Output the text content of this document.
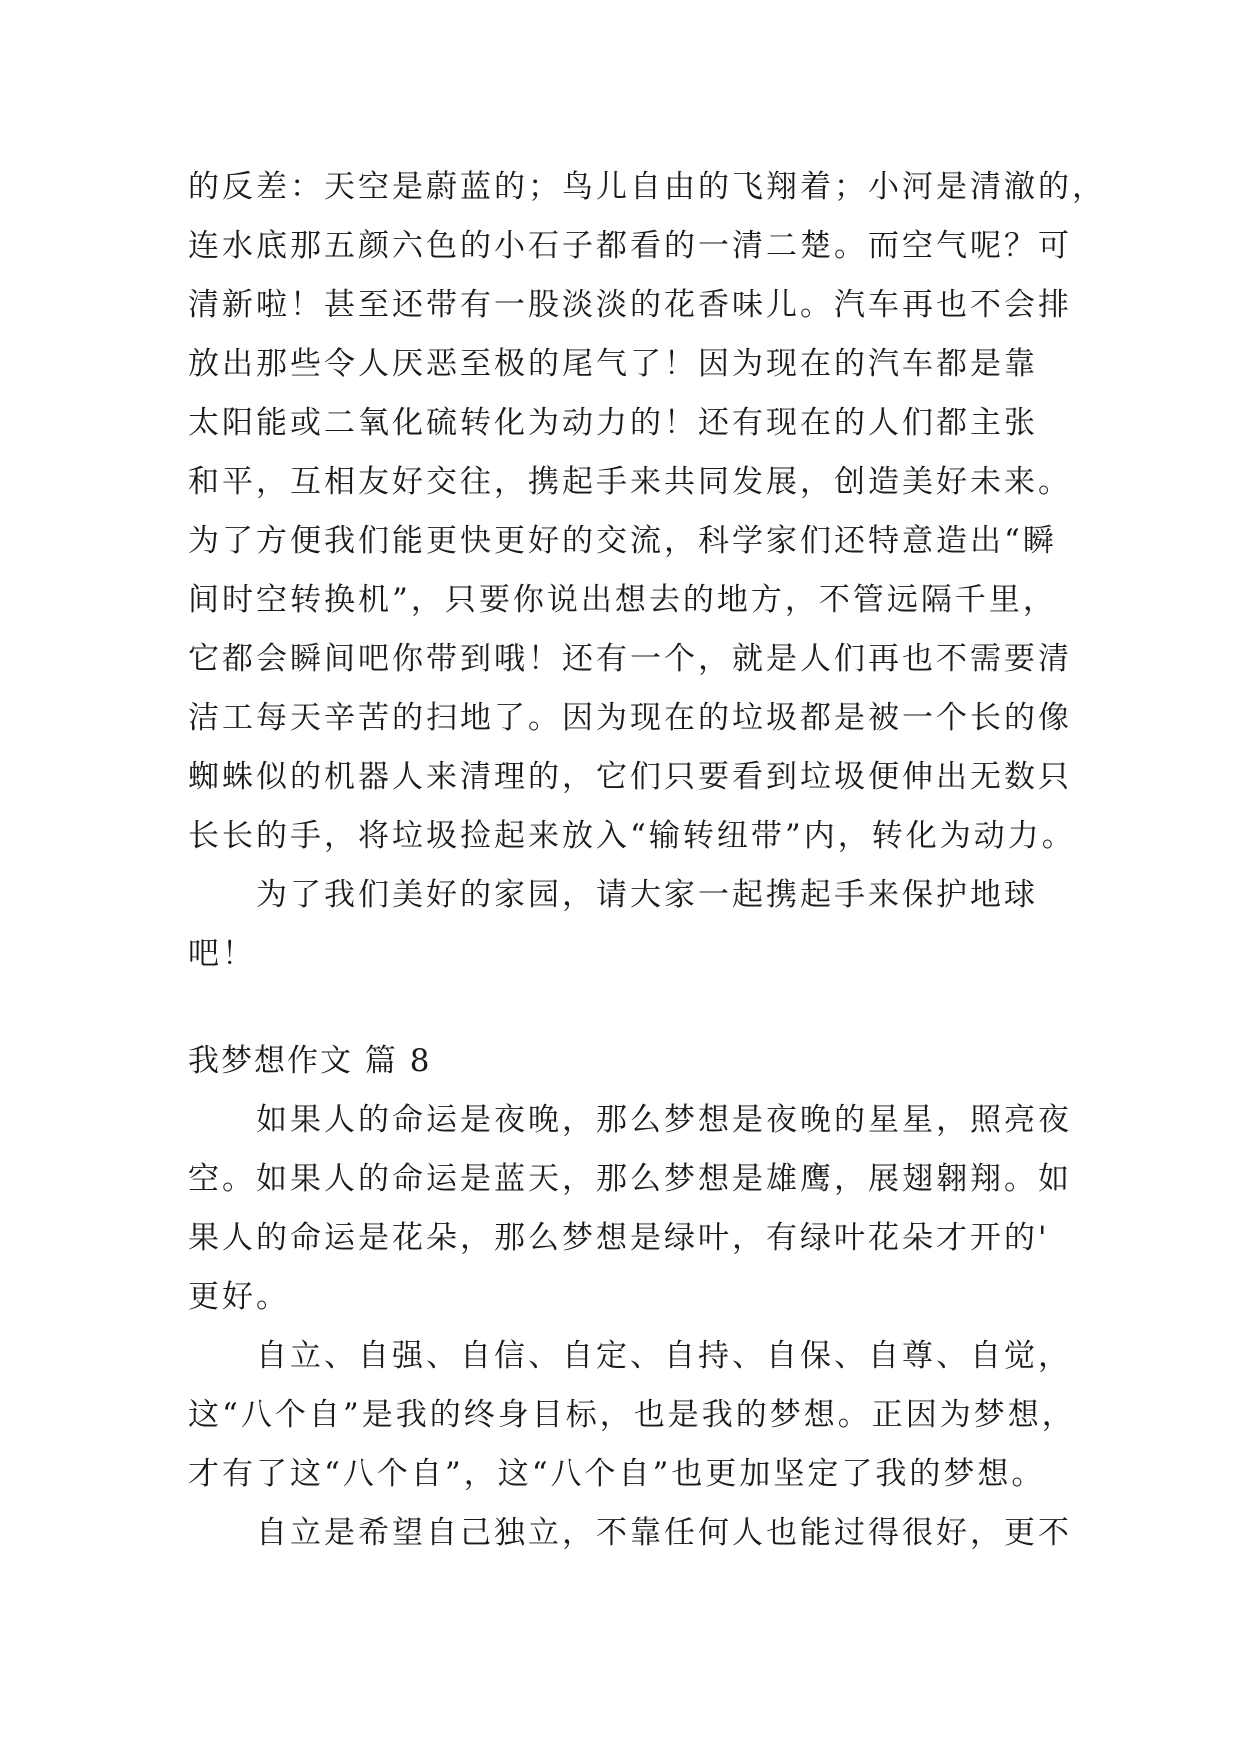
的反差：天空是蔚蓝的；鸟儿自由的飞翔着；小河是清澈的，
连水底那五颜六色的小石子都看的一清二楚。而空气呢？可
清新啦！甚至还带有一股淡淡的花香味儿。汽车再也不会排
放出那些令人厌恶至极的尾气了！因为现在的汽车都是靠
太阳能或二氧化硫转化为动力的！还有现在的人们都主张
和平，互相友好交往，携起手来共同发展，创造美好未来。
为了方便我们能更快更好的交流，科学家们还特意造出“瞬
间时空转换机”，只要你说出想去的地方，不管远隔千里，
它都会瞬间吧你带到哦！还有一个，就是人们再也不需要清
洁工每天辛苦的扫地了。因为现在的垃圾都是被一个长的像
蜘蛛似的机器人来清理的，它们只要看到垃圾便伸出无数只
长长的手，将垃圾捡起来放入“输转纽带”内，转化为动力。
为了我们美好的家园，请大家一起携起手来保护地球
吧！
我梦想作文 篇 8
如果人的命运是夜晚，那么梦想是夜晚的星星，照亮夜
空。如果人的命运是蓝天，那么梦想是雄鹰，展翅翱翔。如
果人的命运是花朵，那么梦想是绿叶，有绿叶花朵才开的'
更好。
自立、自强、自信、自定、自持、自保、自尊、自觉，
这“八个自”是我的终身目标，也是我的梦想。正因为梦想，
才有了这“八个自”，这“八个自”也更加坚定了我的梦想。
自立是希望自己独立，不靠任何人也能过得很好，更不
